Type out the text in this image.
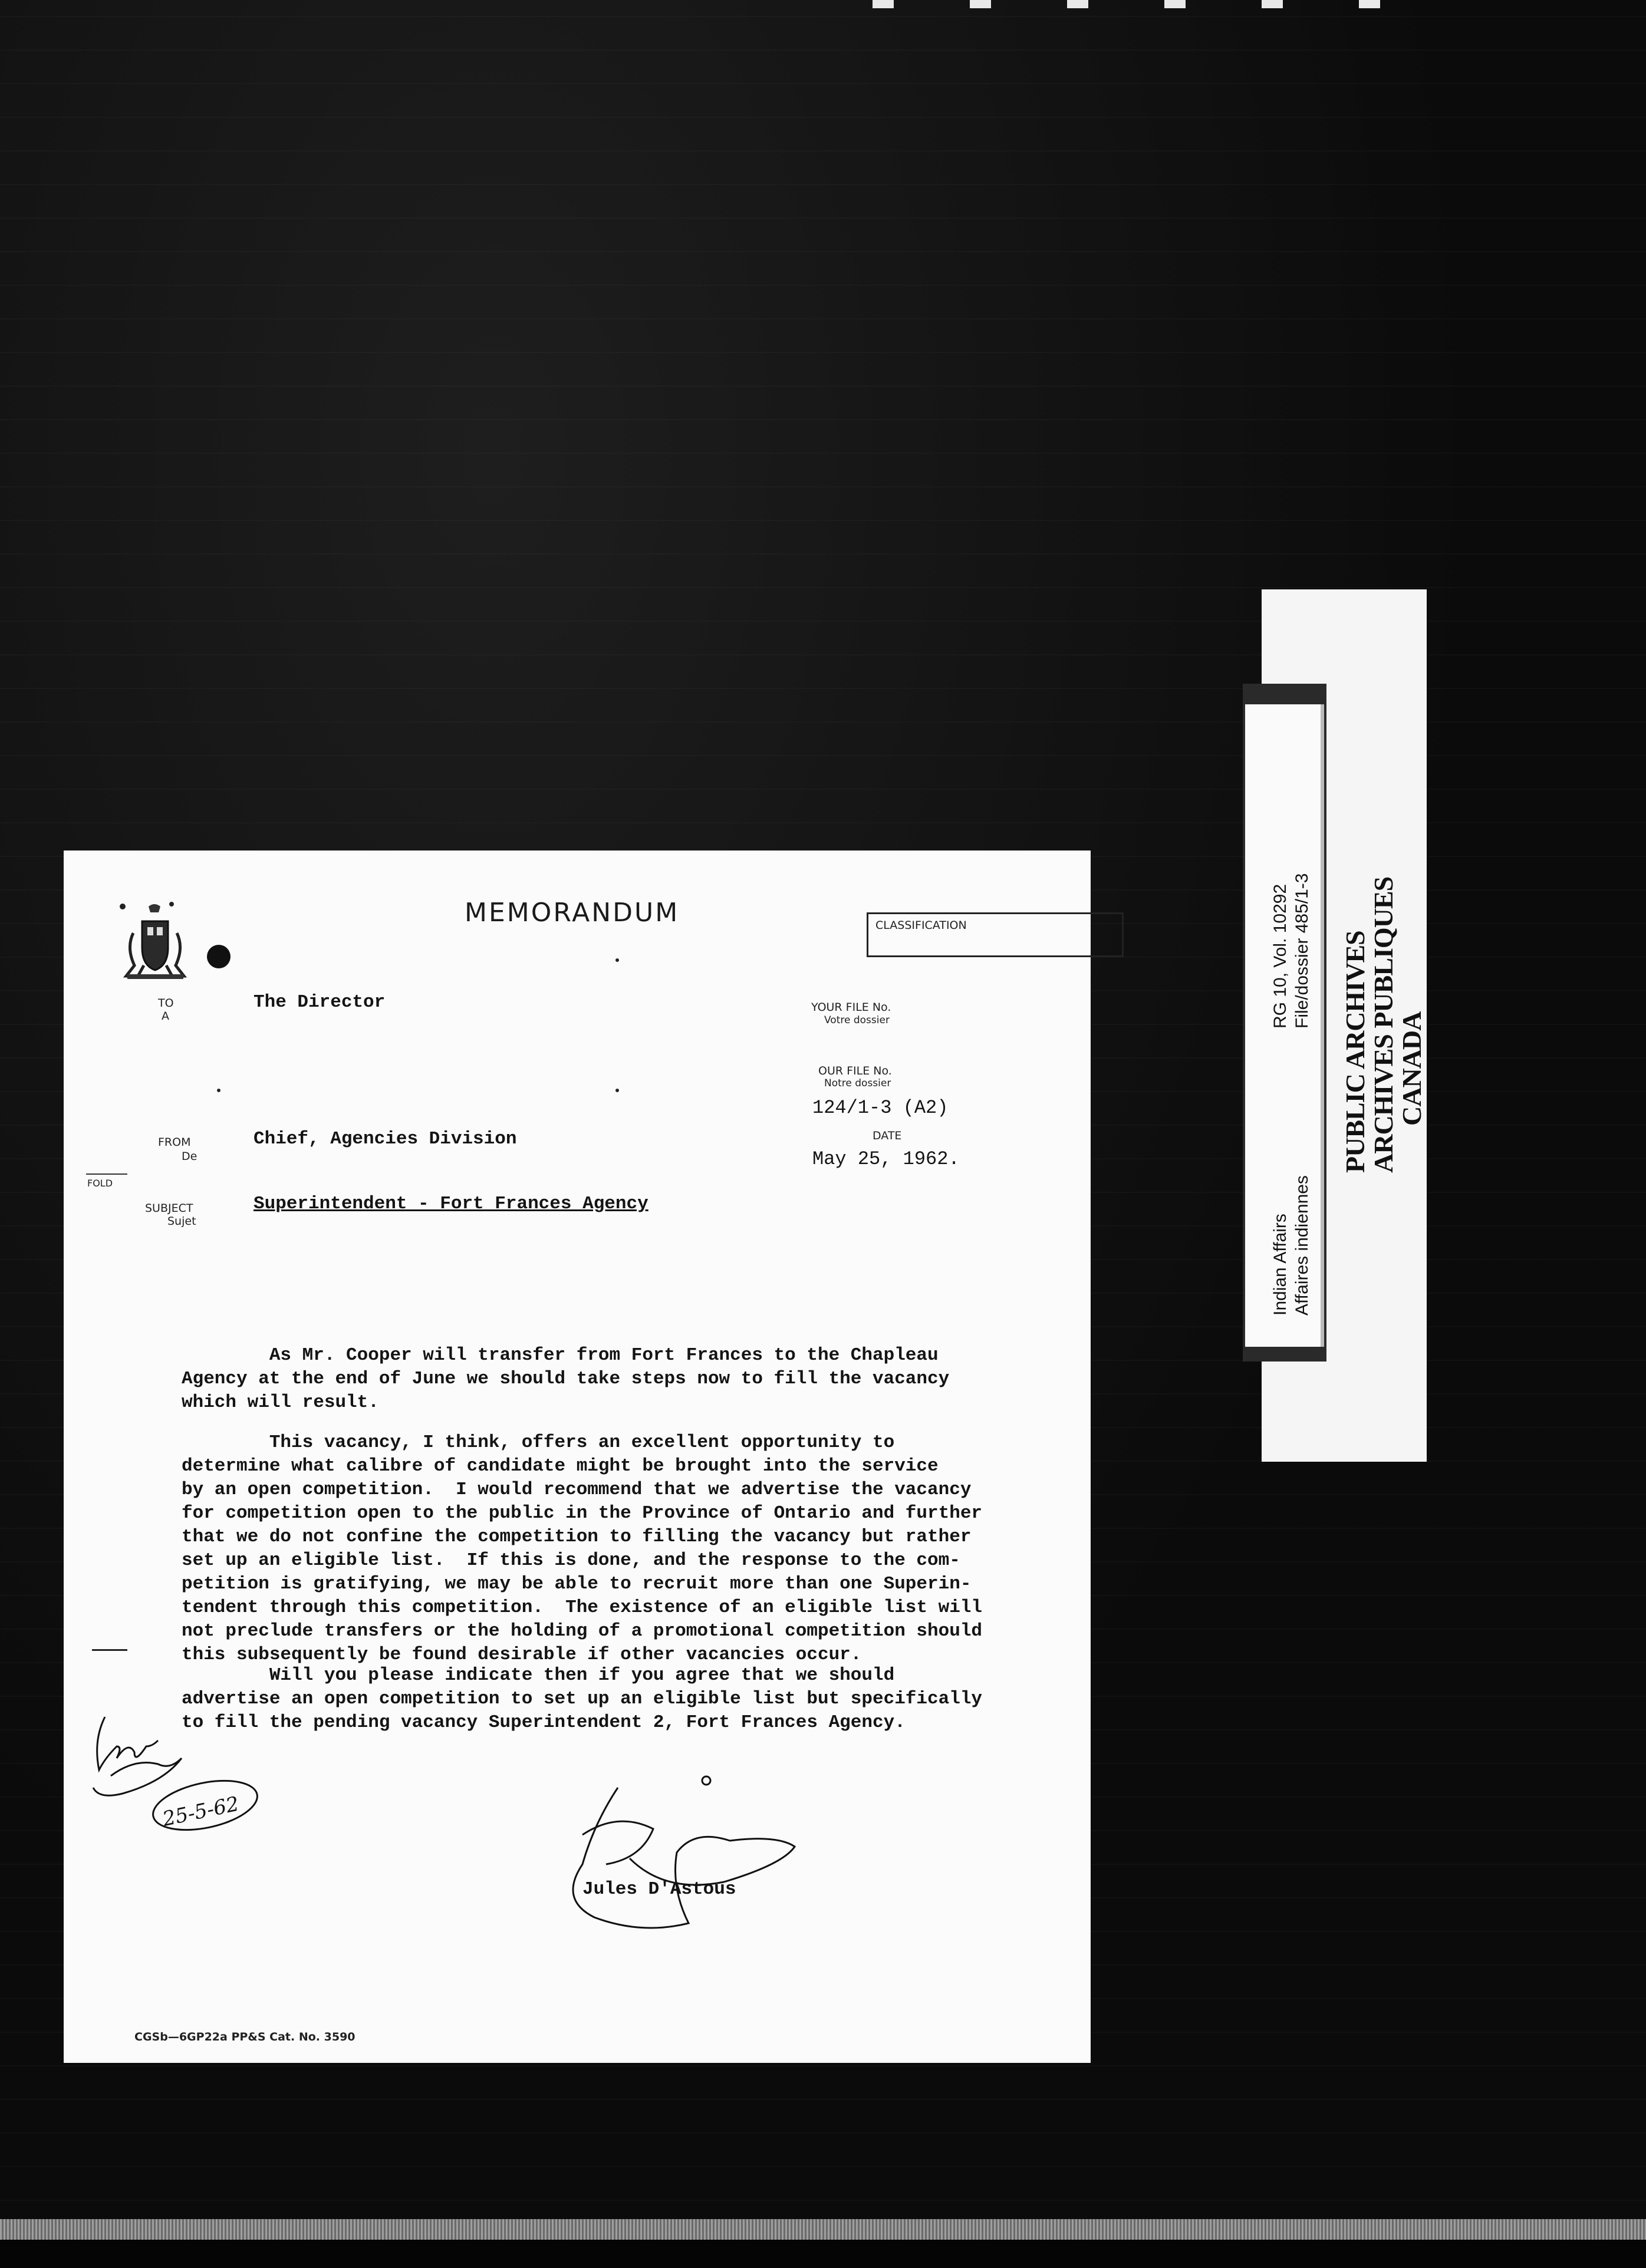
Indian Affairs Affaires indiennes
RG 10, Vol. 10292 File/dossier 485/1-3 PUBLIC ARCHIVES
ARCHIVES PUBLIQUES
CANADA
MEMORANDUM	CLASSIFICATION
TO
A
The Director	YOUR FILE No.
Votre dossier
OUR FILE No.
Notre dossier
124/1-3 (A2)
DATE
May 25, 1962.
FROM
De
Chief, Agencies Division
FOLD
SUBJECT
Sujet
Superintendent - Fort Frances Agency
As Mr. Cooper will transfer from Fort Frances to the Chapleau
Agency at the end of June we should take steps now to fill the vacancy
which will result.
This vacancy, I think, offers an excellent opportunity to
determine what calibre of candidate might be brought into the service
by an open competition.  I would recommend that we advertise the vacancy
for competition open to the public in the Province of Ontario and further
that we do not confine the competition to filling the vacancy but rather
set up an eligible list.  If this is done, and the response to the com-
petition is gratifying, we may be able to recruit more than one Superin-
tendent through this competition.  The existence of an eligible list will
not preclude transfers or the holding of a promotional competition should
this subsequently be found desirable if other vacancies occur.
Will you please indicate then if you agree that we should
advertise an open competition to set up an eligible list but specifically
to fill the pending vacancy Superintendent 2, Fort Frances Agency.
Jules D'Astous
25-5-62
CGSb—6GP22a PP&S Cat. No. 3590
